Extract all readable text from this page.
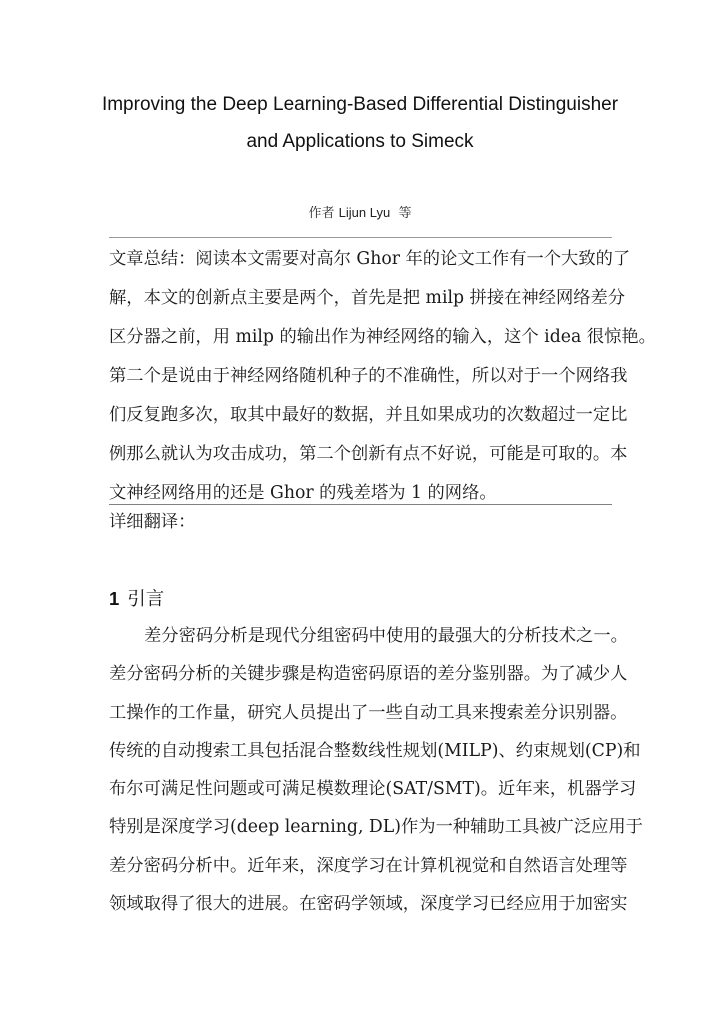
Improving the Deep Learning-Based Differential Distinguisher
and Applications to Simeck
作者 Lijun Lyu 等
文章总结：阅读本文需要对高尔 Ghor 年的论文工作有一个大致的了
解，本文的创新点主要是两个，首先是把 milp 拼接在神经网络差分
区分器之前，用 milp 的输出作为神经网络的输入，这个 idea 很惊艳。
第二个是说由于神经网络随机种子的不准确性，所以对于一个网络我
们反复跑多次，取其中最好的数据，并且如果成功的次数超过一定比
例那么就认为攻击成功，第二个创新有点不好说，可能是可取的。本
文神经网络用的还是 Ghor 的残差塔为 1 的网络。
详细翻译：
1 引言
差分密码分析是现代分组密码中使用的最强大的分析技术之一。
差分密码分析的关键步骤是构造密码原语的差分鉴别器。为了减少人
工操作的工作量，研究人员提出了一些自动工具来搜索差分识别器。
传统的自动搜索工具包括混合整数线性规划(MILP)、约束规划(CP)和
布尔可满足性问题或可满足模数理论(SAT/SMT)。近年来，机器学习
特别是深度学习(deep learning, DL)作为一种辅助工具被广泛应用于
差分密码分析中。近年来，深度学习在计算机视觉和自然语言处理等
领域取得了很大的进展。在密码学领域，深度学习已经应用于加密实
